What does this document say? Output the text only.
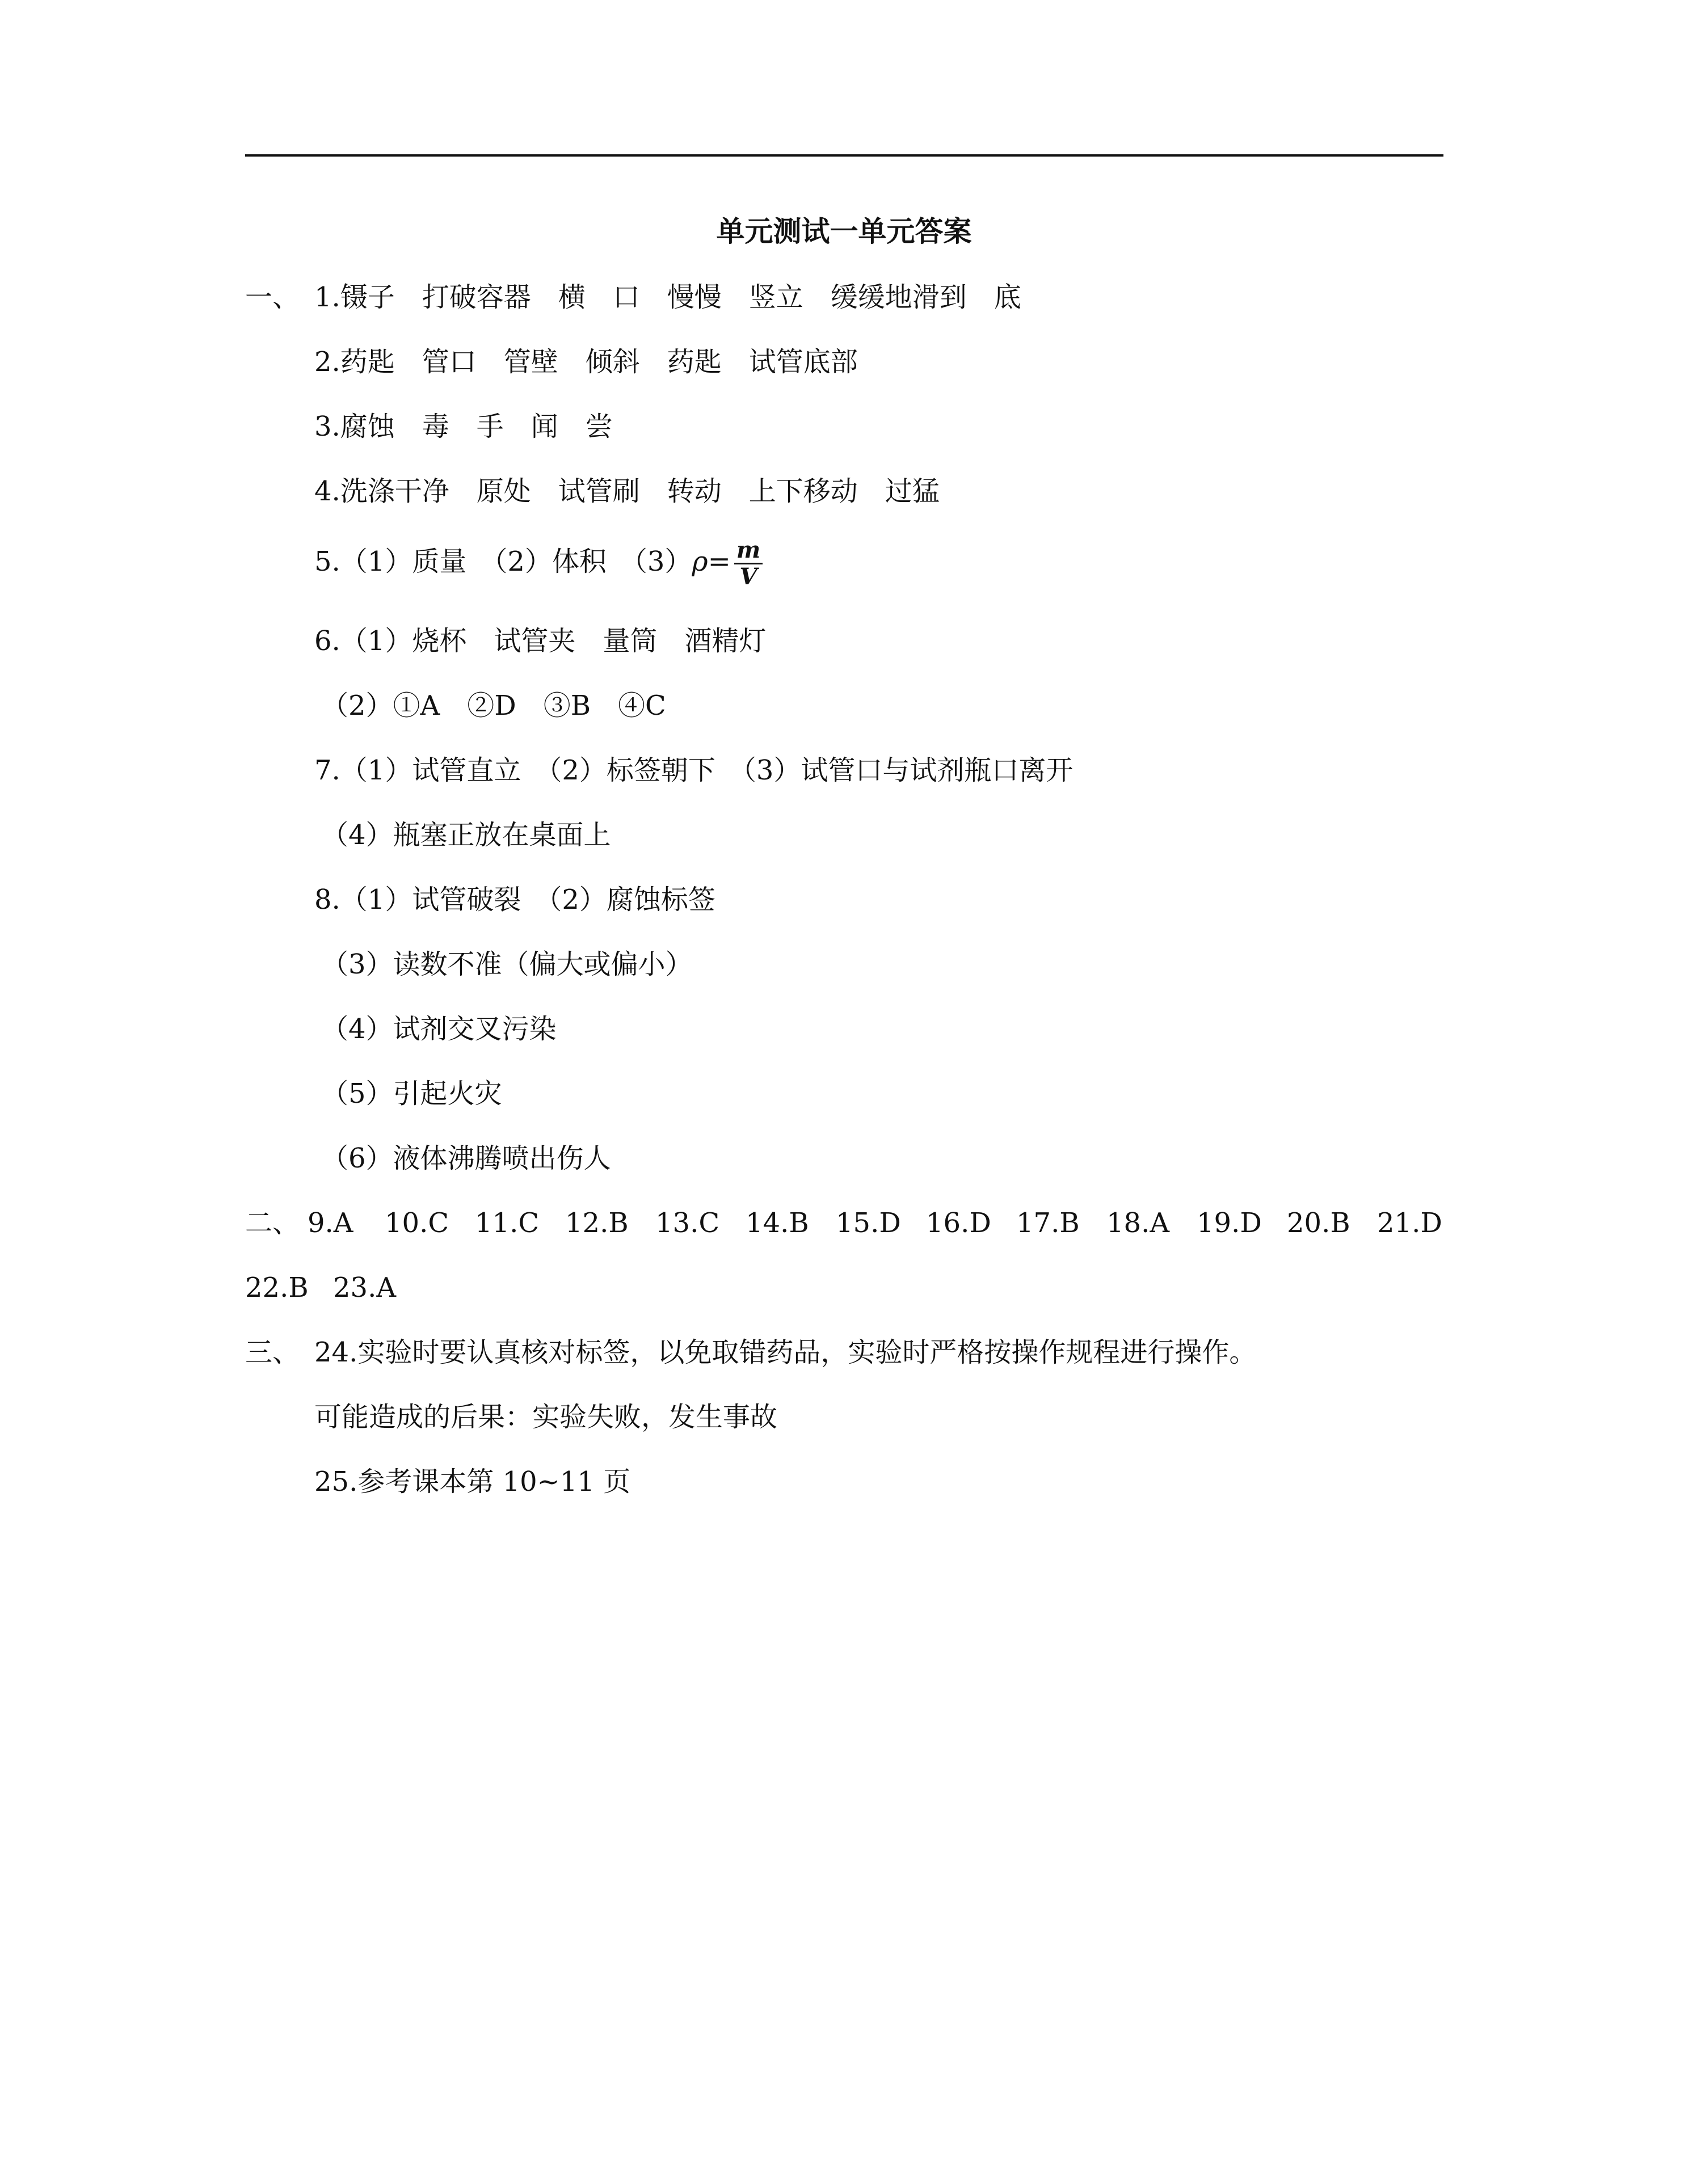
单元测试一单元答案
一、 1.镊子　打破容器　横　口　慢慢　竖立　缓缓地滑到　底
2.药匙　管口　管壁　倾斜　药匙　试管底部
3.腐蚀　毒　手　闻　尝
4.洗涤干净　原处　试管刷　转动　上下移动　过猛
5.（1）质量　（2）体积　$(3)\rho= \frac{m}{V}$
6.（1）烧杯　试管夹　量筒　酒精灯
（2）①A　②D　③B　④C
7.（1）试管直立　（2）标签朝下　（3）试管口与试剂瓶口离开
（4）瓶塞正放在桌面上
8.（1）试管破裂　（2）腐蚀标签
（3）读数不准（偏大或偏小）
（4）试剂交叉污染
（5）引起火灾
（6）液体沸腾喷出伤人
二、 9.A 10.C 11.C 12.B 13.C 14.B 15.D 16.D 17.B 18.A 19.D 20.B 21.D
22.B 23.A
三、 24.实验时要认真核对标签，以免取错药品，实验时严格按操作规程进行操作。
可能造成的后果：实验失败，发生事故
25.参考课本第 10~11 页
